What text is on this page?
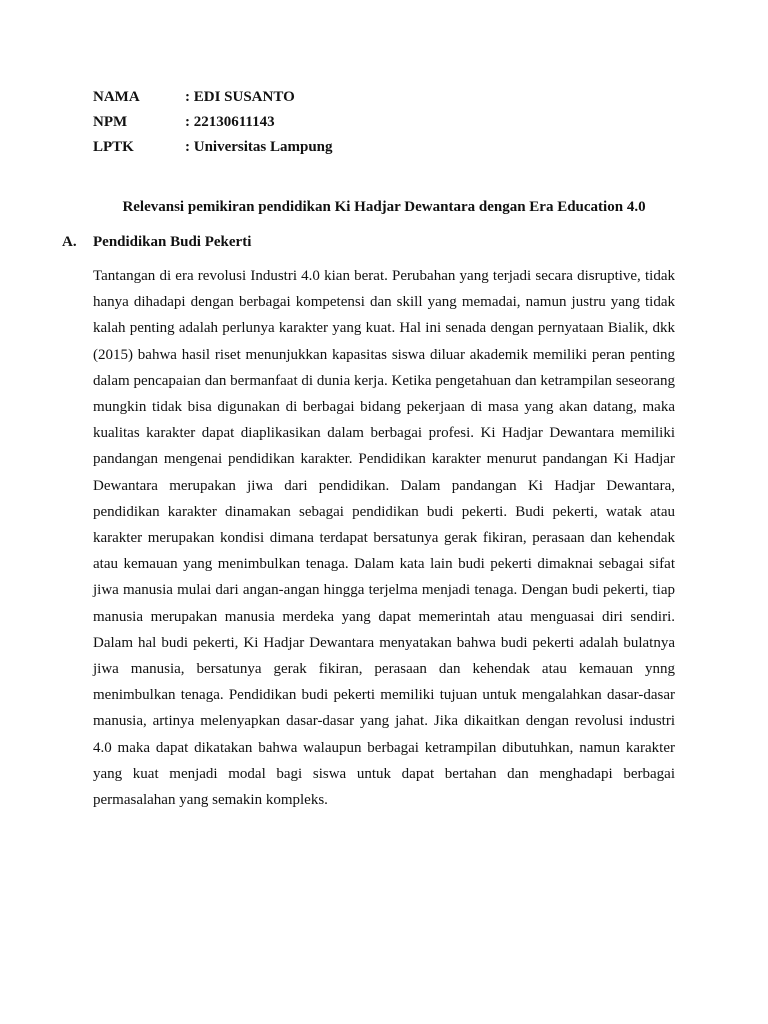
NAMA	: EDI SUSANTO
NPM	: 22130611143
LPTK	: Universitas Lampung
Relevansi pemikiran pendidikan Ki Hadjar Dewantara dengan Era Education 4.0
A.	Pendidikan Budi Pekerti

Tantangan di era revolusi Industri 4.0 kian berat. Perubahan yang terjadi secara disruptive, tidak hanya dihadapi dengan berbagai kompetensi dan skill yang memadai, namun justru yang tidak kalah penting adalah perlunya karakter yang kuat. Hal ini senada dengan pernyataan Bialik, dkk (2015) bahwa hasil riset menunjukkan kapasitas siswa diluar akademik memiliki peran penting dalam pencapaian dan bermanfaat di dunia kerja. Ketika pengetahuan dan ketrampilan seseorang mungkin tidak bisa digunakan di berbagai bidang pekerjaan di masa yang akan datang, maka kualitas karakter dapat diaplikasikan dalam berbagai profesi. Ki Hadjar Dewantara memiliki pandangan mengenai pendidikan karakter. Pendidikan karakter menurut pandangan Ki Hadjar Dewantara merupakan jiwa dari pendidikan. Dalam pandangan Ki Hadjar Dewantara, pendidikan karakter dinamakan sebagai pendidikan budi pekerti. Budi pekerti, watak atau karakter merupakan kondisi dimana terdapat bersatunya gerak fikiran, perasaan dan kehendak atau kemauan yang menimbulkan tenaga. Dalam kata lain budi pekerti dimaknai sebagai sifat jiwa manusia mulai dari angan-angan hingga terjelma menjadi tenaga. Dengan budi pekerti, tiap manusia merupakan manusia merdeka yang dapat memerintah atau menguasai diri sendiri. Dalam hal budi pekerti, Ki Hadjar Dewantara menyatakan bahwa budi pekerti adalah bulatnya jiwa manusia, bersatunya gerak fikiran, perasaan dan kehendak atau kemauan ynng menimbulkan tenaga. Pendidikan budi pekerti memiliki tujuan untuk mengalahkan dasar-dasar manusia, artinya melenyapkan dasar-dasar yang jahat. Jika dikaitkan dengan revolusi industri 4.0 maka dapat dikatakan bahwa walaupun berbagai ketrampilan dibutuhkan, namun karakter yang kuat menjadi modal bagi siswa untuk dapat bertahan dan menghadapi berbagai permasalahan yang semakin kompleks.
